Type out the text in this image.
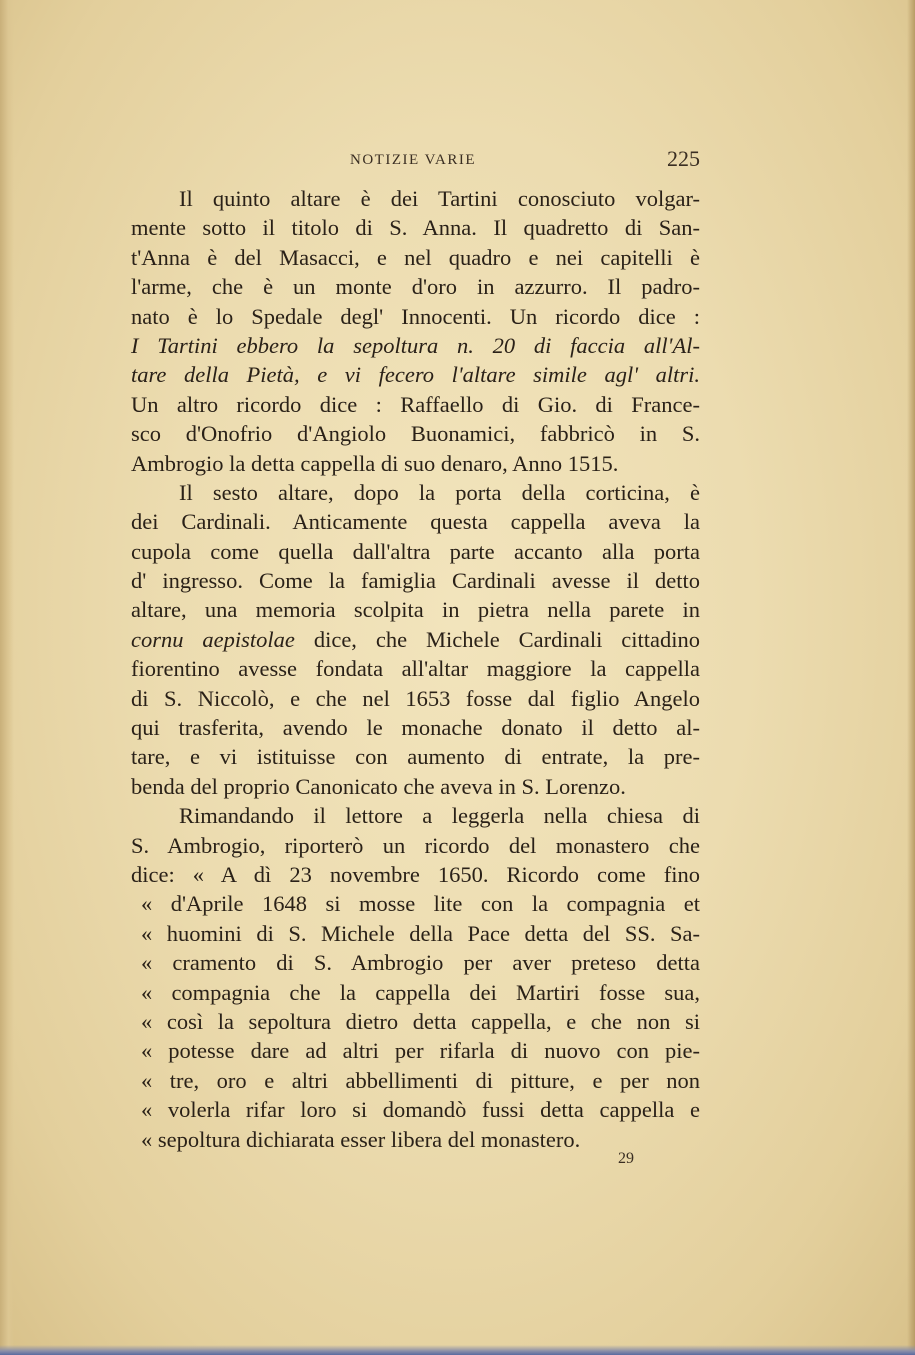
NOTIZIE VARIE	225
Il quinto altare è dei Tartini conosciuto volgar-
mente sotto il titolo di S. Anna. Il quadretto di San-
t'Anna è del Masacci, e nel quadro e nei capitelli è
l'arme, che è un monte d'oro in azzurro. Il padro-
nato è lo Spedale degl' Innocenti. Un ricordo dice :
I Tartini ebbero la sepoltura n. 20 di faccia all'Al-
tare della Pietà, e vi fecero l'altare simile agl' altri.
Un altro ricordo dice : Raffaello di Gio. di France-
sco d'Onofrio d'Angiolo Buonamici, fabbricò in S.
Ambrogio la detta cappella di suo denaro, Anno 1515.
Il sesto altare, dopo la porta della corticina, è
dei Cardinali. Anticamente questa cappella aveva la
cupola come quella dall'altra parte accanto alla porta
d' ingresso. Come la famiglia Cardinali avesse il detto
altare, una memoria scolpita in pietra nella parete in
cornu aepistolae dice, che Michele Cardinali cittadino
fiorentino avesse fondata all'altar maggiore la cappella
di S. Niccolò, e che nel 1653 fosse dal figlio Angelo
qui trasferita, avendo le monache donato il detto al-
tare, e vi istituisse con aumento di entrate, la pre-
benda del proprio Canonicato che aveva in S. Lorenzo.
Rimandando il lettore a leggerla nella chiesa di
S. Ambrogio, riporterò un ricordo del monastero che
dice: « A dì 23 novembre 1650. Ricordo come fino
« d'Aprile 1648 si mosse lite con la compagnia et
« huomini di S. Michele della Pace detta del SS. Sa-
« cramento di S. Ambrogio per aver preteso detta
« compagnia che la cappella dei Martiri fosse sua,
« così la sepoltura dietro detta cappella, e che non si
« potesse dare ad altri per rifarla di nuovo con pie-
« tre, oro e altri abbellimenti di pitture, e per non
« volerla rifar loro si domandò fussi detta cappella e
« sepoltura dichiarata esser libera del monastero.
29
